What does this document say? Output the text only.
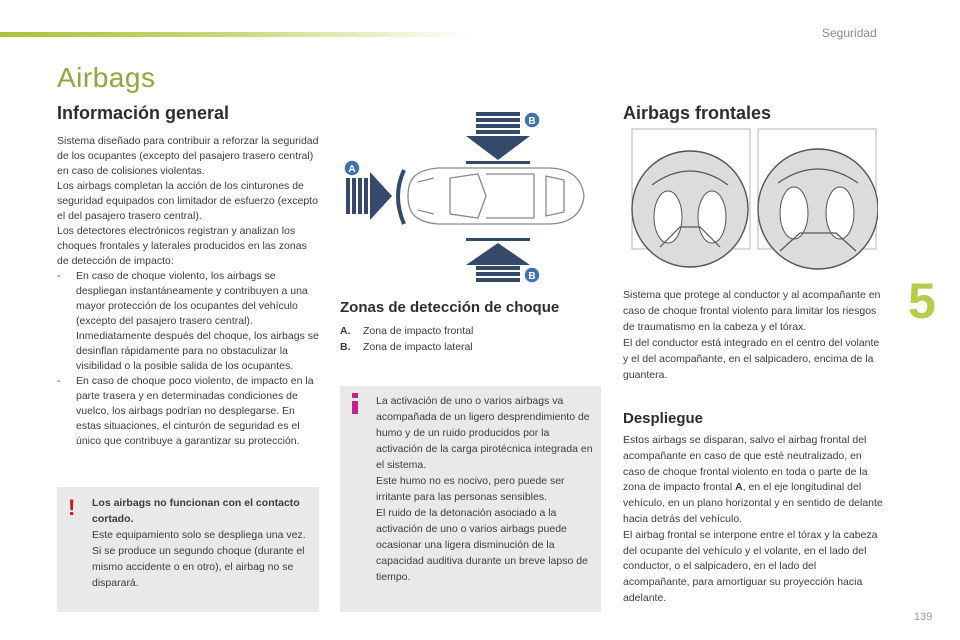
Seguridad
Airbags
Información general

Sistema diseñado para contribuir a reforzar la seguridad de los ocupantes (excepto del pasajero trasero central) en caso de colisiones violentas.

Los airbags completan la acción de los cinturones de seguridad equipados con limitador de esfuerzo (excepto el del pasajero trasero central).

Los detectores electrónicos registran y analizan los choques frontales y laterales producidos en las zonas de detección de impacto:

-	En caso de choque violento, los airbags se despliegan instantáneamente y contribuyen a una mayor protección de los ocupantes del vehículo (excepto del pasajero trasero central). Inmediatamente después del choque, los airbags se desinflan rápidamente para no obstaculizar la visibilidad o la posible salida de los ocupantes.
-	En caso de choque poco violento, de impacto en la parte trasera y en determinadas condiciones de vuelco, los airbags podrían no desplegarse. En estas situaciones, el cinturón de seguridad es el único que contribuye a garantizar su protección.
! Los airbags no funcionan con el contacto cortado.
Este equipamiento solo se despliega una vez. Si se produce un segundo choque (durante el mismo accidente o en otro), el airbag no se disparará.
A
B
B
Zonas de detección de choque
A.	Zona de impacto frontal
B.	Zona de impacto lateral

La activación de uno o varios airbags va acompañada de un ligero desprendimiento de humo y de un ruido producidos por la activación de la carga pirotécnica integrada en el sistema.

Este humo no es nocivo, pero puede ser irritante para las personas sensibles.

El ruido de la detonación asociado a la activación de uno o varios airbags puede ocasionar una ligera disminución de la capacidad auditiva durante un breve lapso de tiempo.

Airbags frontales

Sistema que protege al conductor y al acompañante en caso de choque frontal violento para limitar los riesgos de traumatismo en la cabeza y el tórax.

El del conductor está integrado en el centro del volante y el del acompañante, en el salpicadero, encima de la guantera.

Despliegue

Estos airbags se disparan, salvo el airbag frontal del acompañante en caso de que esté neutralizado, en caso de choque frontal violento en toda o parte de la zona de impacto frontal A, en el eje longitudinal del vehículo, en un plano horizontal y en sentido de delante hacia detrás del vehículo.

El airbag frontal se interpone entre el tórax y la cabeza del ocupante del vehículo y el volante, en el lado del conductor, o el salpicadero, en el lado del acompañante, para amortiguar su proyección hacia adelante.

5
139
